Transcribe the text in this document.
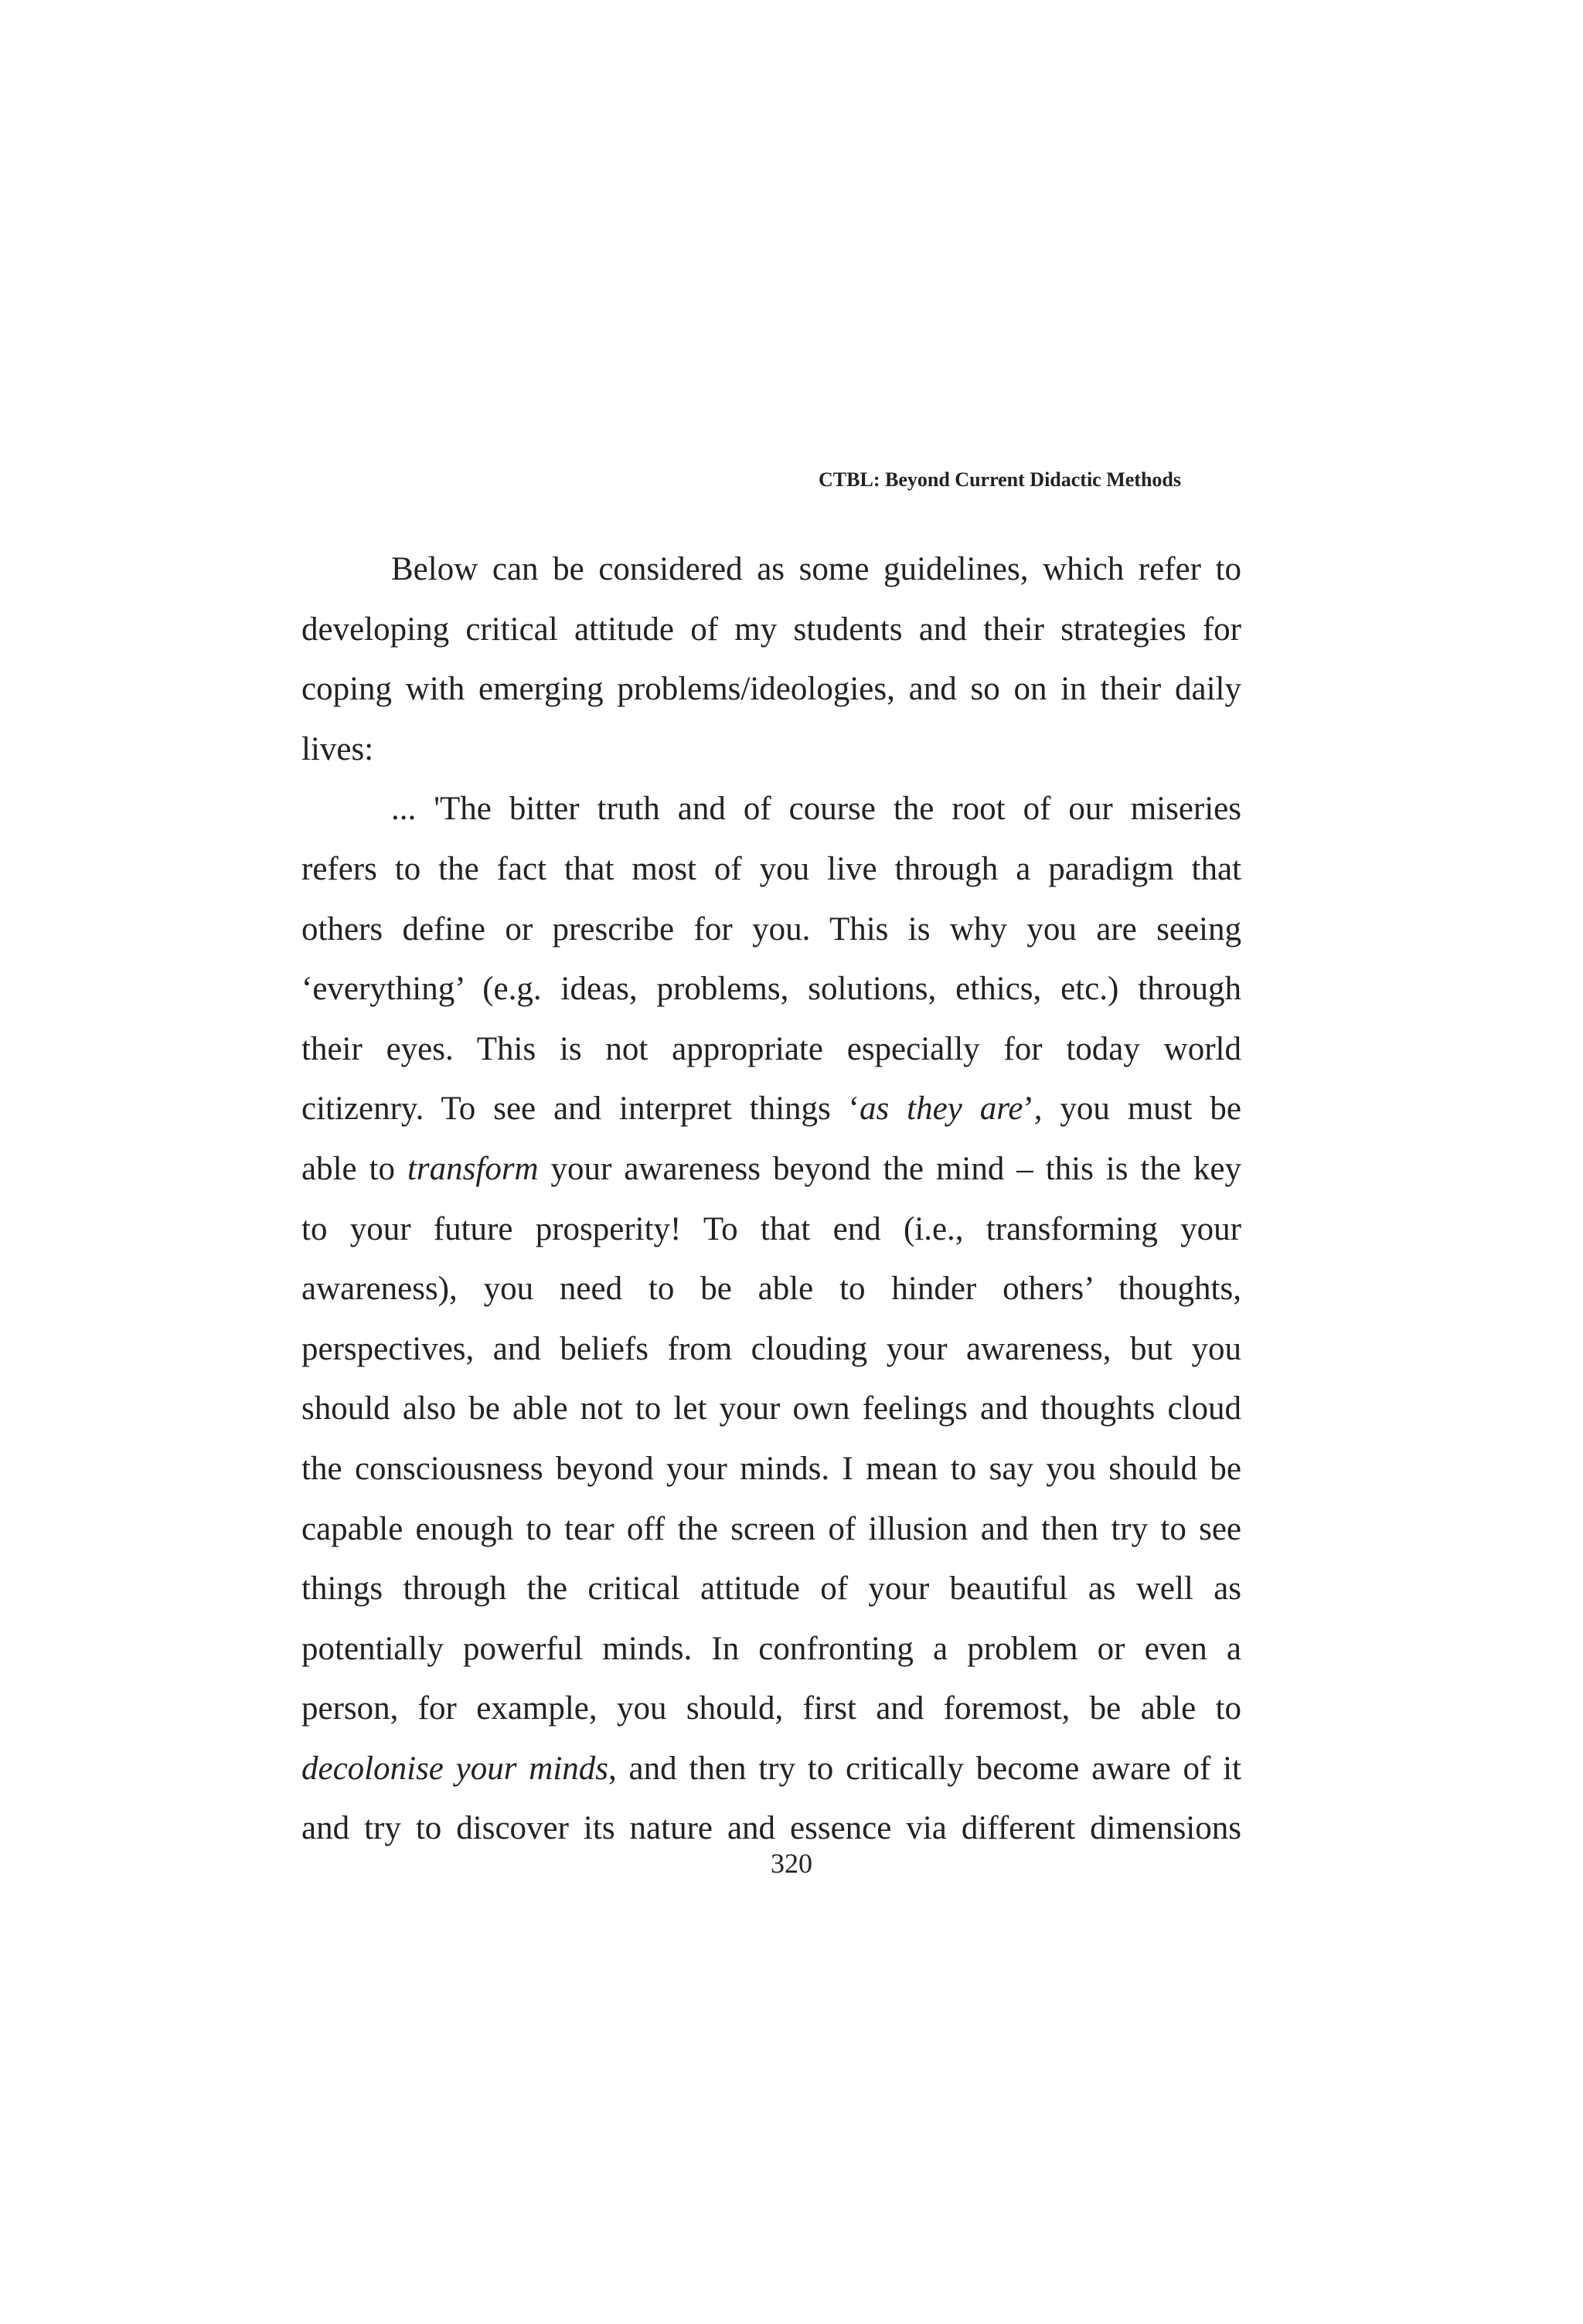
CTBL: Beyond Current Didactic Methods
Below can be considered as some guidelines, which refer to
developing critical attitude of my students and their strategies for
coping with emerging problems/ideologies, and so on in their daily
lives:
... 'The bitter truth and of course the root of our miseries
refers to the fact that most of you live through a paradigm that
others define or prescribe for you. This is why you are seeing
‘everything’ (e.g. ideas, problems, solutions, ethics, etc.) through
their eyes. This is not appropriate especially for today world
citizenry. To see and interpret things ‘as they are’, you must be
able to transform your awareness beyond the mind – this is the key
to your future prosperity! To that end (i.e., transforming your
awareness), you need to be able to hinder others’ thoughts,
perspectives, and beliefs from clouding your awareness, but you
should also be able not to let your own feelings and thoughts cloud
the consciousness beyond your minds. I mean to say you should be
capable enough to tear off the screen of illusion and then try to see
things through the critical attitude of your beautiful as well as
potentially powerful minds. In confronting a problem or even a
person, for example, you should, first and foremost, be able to
decolonise your minds, and then try to critically become aware of it
and try to discover its nature and essence via different dimensions
320
